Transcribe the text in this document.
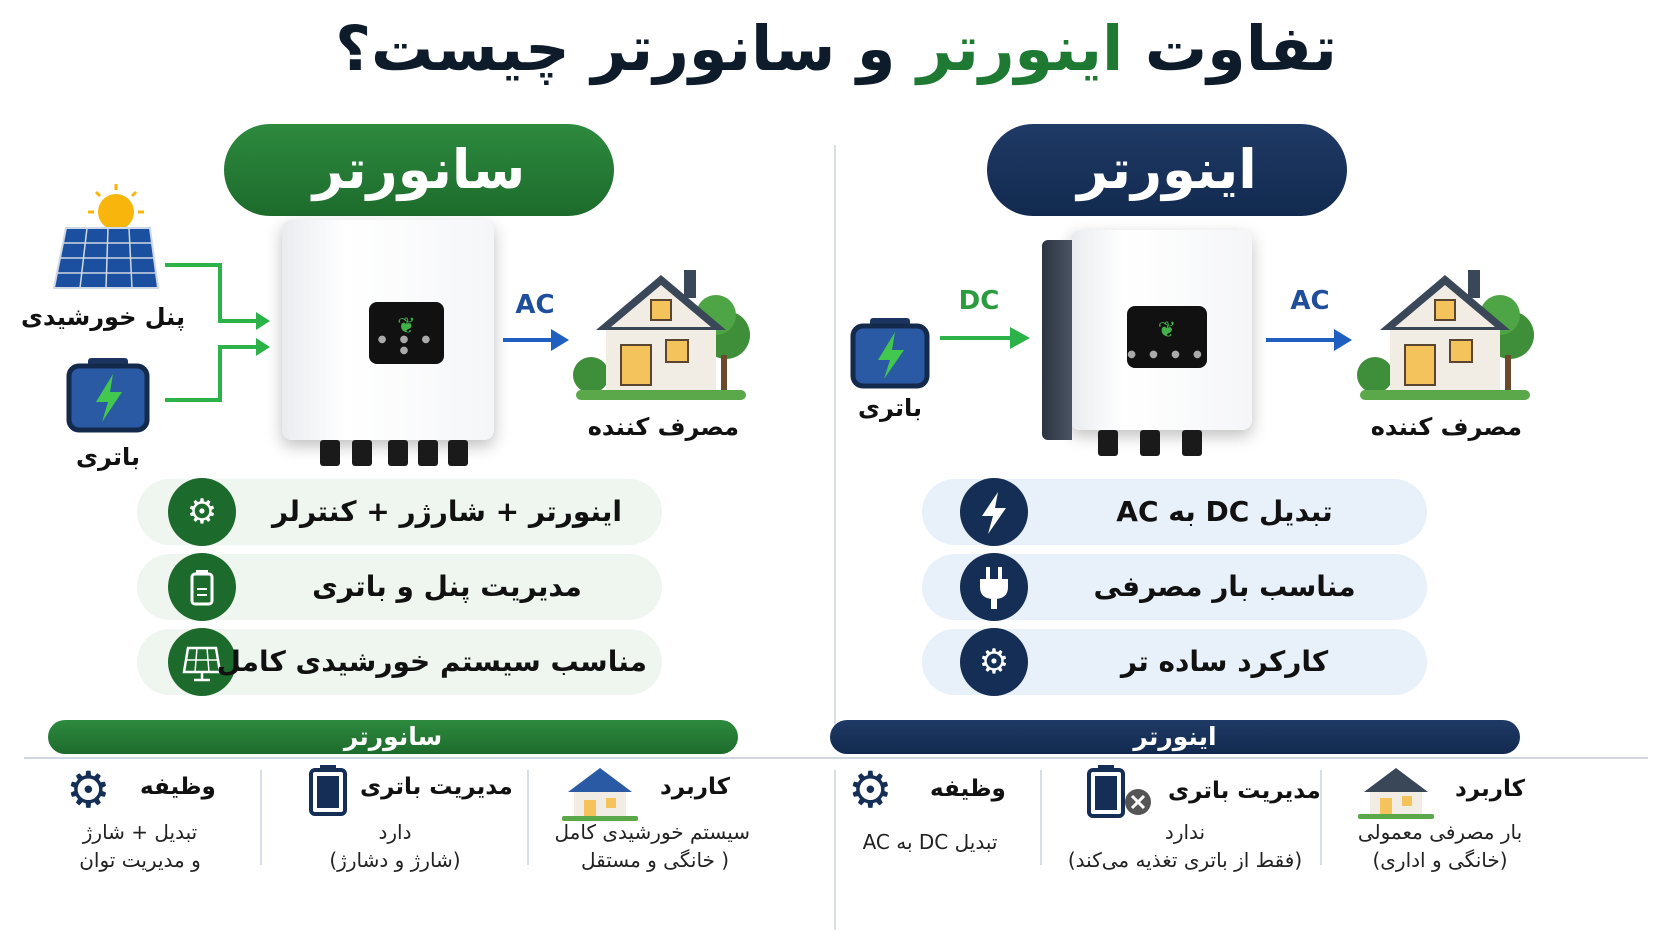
تفاوت اینورتر و سانورتر چیست؟
سانورتر
پنل خورشیدی
باتری
❦
● ● ● ●
AC
مصرف کننده
⚙	اینورتر + شارژر + کنترلر
مدیریت پنل و باتری
مناسب سیستم خورشیدی کامل
اینورتر
باتری
DC
❦
● ● ● ●
AC
مصرف کننده
تبدیل DC به AC
مناسب بار مصرفی
⚙	کارکرد ساده تر
سانورتر
کاربرد
سیستم خورشیدی کامل
( خانگی و مستقل
مدیریت باتری
دارد
(شارژ و دشارژ)
⚙ وظیفه
تبدیل + شارژ
و مدیریت توان
اینورتر
کاربرد
بار مصرفی معمولی
(خانگی و اداری)
مدیریت باتری
ندارد
(فقط از باتری تغذیه می‌کند)
⚙ وظیفه
تبدیل DC به AC
